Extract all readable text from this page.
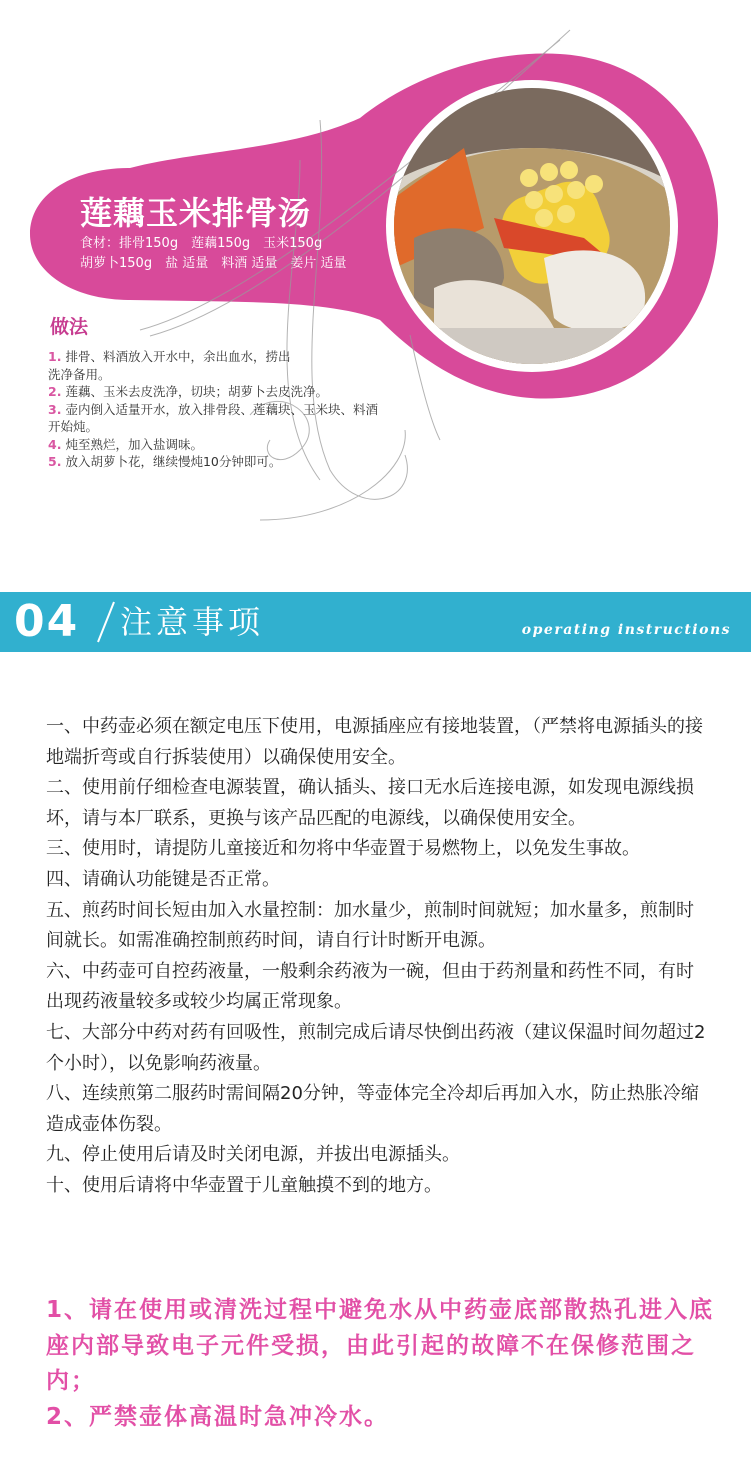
莲藕玉米排骨汤
食材：排骨150g　莲藕150g　玉米150g
胡萝卜150g　盐 适量　料酒 适量　姜片 适量
做法
1. 排骨、料酒放入开水中，余出血水，捞出
洗净备用。
2. 莲藕、玉米去皮洗净，切块；胡萝卜去皮洗净。
3. 壶内倒入适量开水，放入排骨段、莲藕块、玉米块、料酒
开始炖。
4. 炖至熟烂，加入盐调味。
5. 放入胡萝卜花，继续慢炖10分钟即可。
04 注意事项	operating instructions

一、中药壶必须在额定电压下使用，电源插座应有接地装置，（严禁将电源插头的接地端折弯或自行拆装使用）以确保使用安全。

二、使用前仔细检查电源装置，确认插头、接口无水后连接电源，如发现电源线损坏，请与本厂联系，更换与该产品匹配的电源线，以确保使用安全。

三、使用时，请提防儿童接近和勿将中华壶置于易燃物上，以免发生事故。

四、请确认功能键是否正常。

五、煎药时间长短由加入水量控制：加水量少，煎制时间就短；加水量多，煎制时间就长。如需准确控制煎药时间，请自行计时断开电源。

六、中药壶可自控药液量，一般剩余药液为一碗，但由于药剂量和药性不同，有时出现药液量较多或较少均属正常现象。

七、大部分中药对药有回吸性，煎制完成后请尽快倒出药液（建议保温时间勿超过2个小时），以免影响药液量。

八、连续煎第二服药时需间隔20分钟，等壶体完全冷却后再加入水，防止热胀冷缩造成壶体伤裂。

九、停止使用后请及时关闭电源，并拔出电源插头。

十、使用后请将中华壶置于儿童触摸不到的地方。

1、请在使用或清洗过程中避免水从中药壶底部散热孔进入底座内部导致电子元件受损，由此引起的故障不在保修范围之内；

2、严禁壶体高温时急冲冷水。
